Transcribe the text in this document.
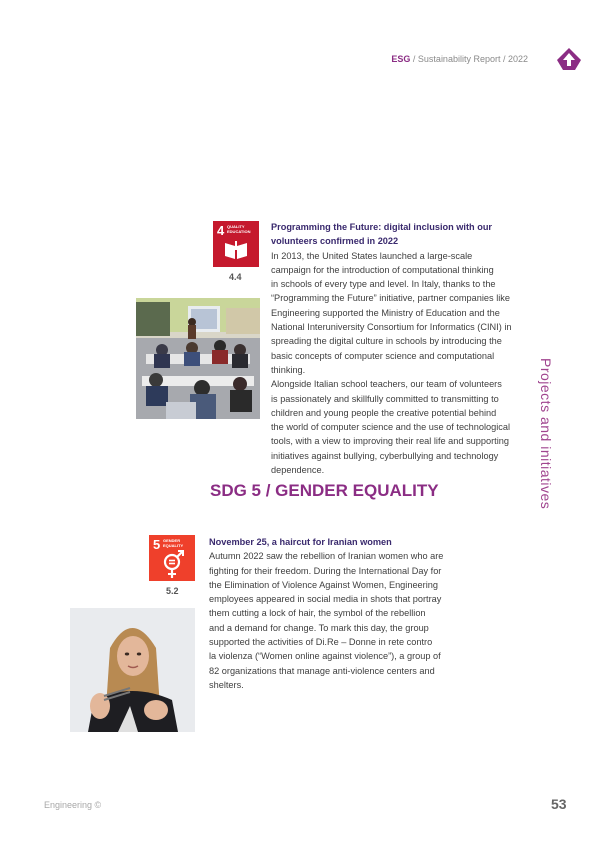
ESG / Sustainability Report / 2022
Projects and initiatives
4 QUALITY
EDUCATION
4.4

Programming the Future: digital inclusion with our
volunteers confirmed in 2022

In 2013, the United States launched a large-scale

campaign for the introduction of computational thinking

in schools of every type and level. In Italy, thanks to the

“Programming the Future” initiative, partner companies like

Engineering supported the Ministry of Education and the

National Interuniversity Consortium for Informatics (CINI) in

spreading the digital culture in schools by introducing the

basic concepts of computer science and computational

thinking.

Alongside Italian school teachers, our team of volunteers

is passionately and skillfully committed to transmitting to

children and young people the creative potential behind

the world of computer science and the use of technological

tools, with a view to improving their real life and supporting

initiatives against bullying, cyberbullying and technology

dependence.

SDG 5 / GENDER EQUALITY
5 GENDER
EQUALITY
5.2

November 25, a haircut for Iranian women

Autumn 2022 saw the rebellion of Iranian women who are

fighting for their freedom. During the International Day for

the Elimination of Violence Against Women, Engineering

employees appeared in social media in shots that portray

them cutting a lock of hair, the symbol of the rebellion

and a demand for change. To mark this day, the group

supported the activities of Di.Re – Donne in rete contro

la violenza (“Women online against violence”), a group of

82 organizations that manage anti-violence centers and

shelters.

Engineering ©	53
